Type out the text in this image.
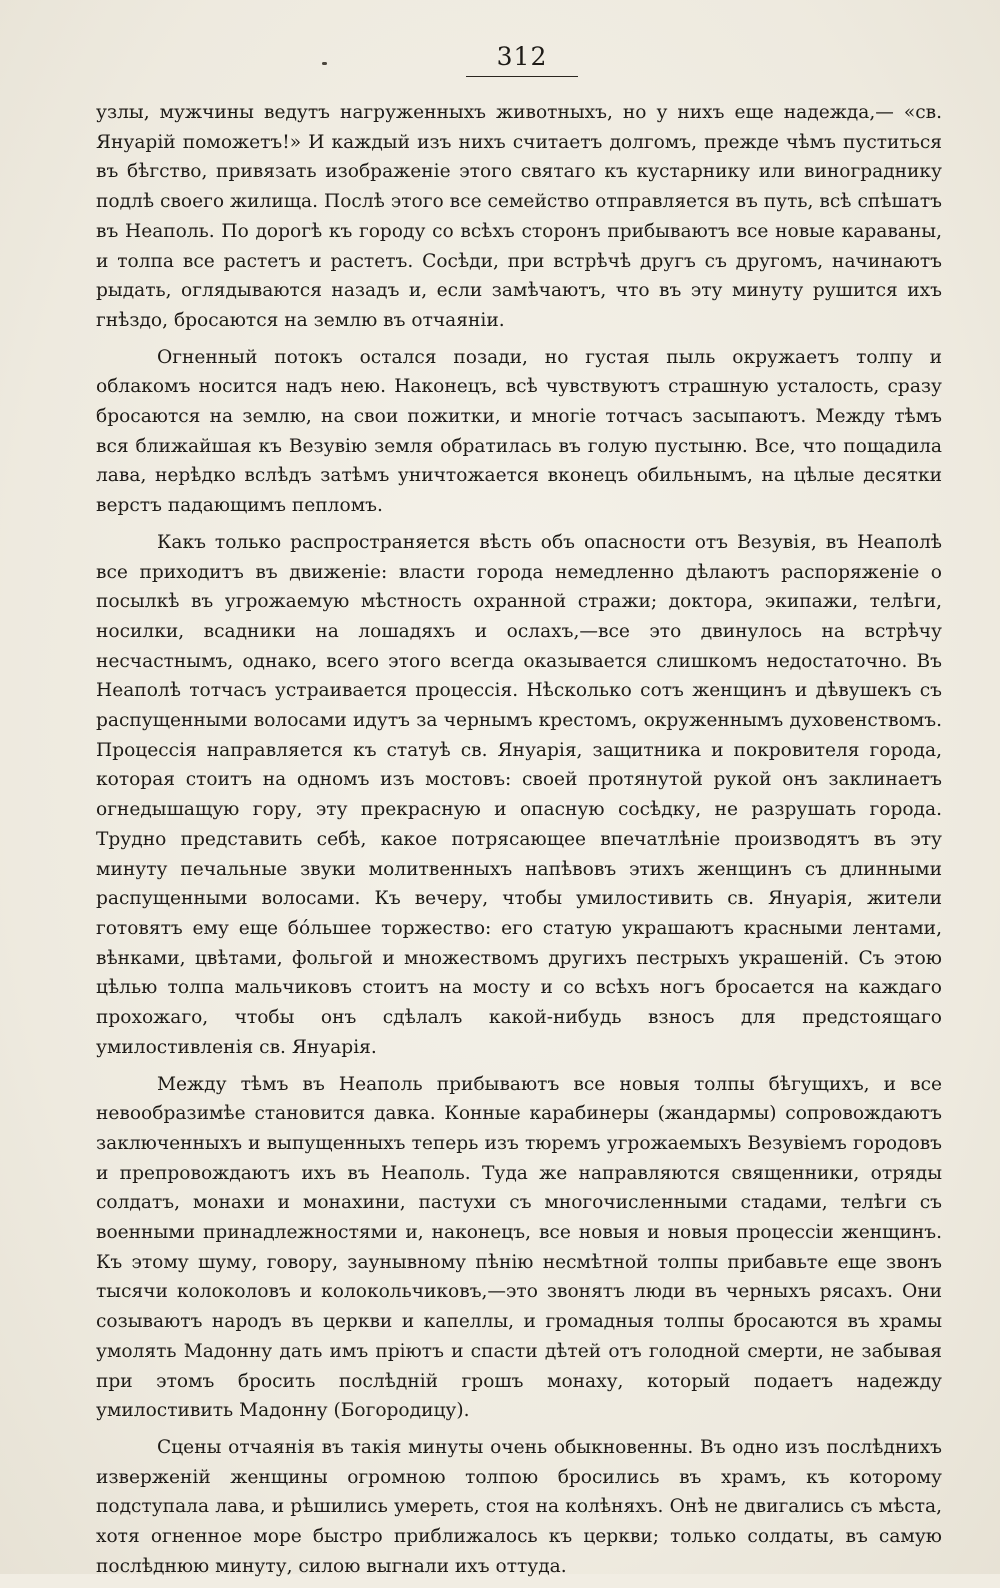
312

узлы, мужчины ведутъ нагруженныхъ животныхъ, но у нихъ еще надежда,— «св. Януарій поможетъ!» И каждый изъ нихъ считаетъ долгомъ, прежде чѣмъ пуститься въ бѣгство, привязать изображеніе этого святаго къ кустарнику или винограднику подлѣ своего жилища. Послѣ этого все семейство отправляется въ путь, всѣ спѣшатъ въ Неаполь. По дорогѣ къ городу со всѣхъ сторонъ прибываютъ все новые караваны, и толпа все растетъ и растетъ. Сосѣди, при встрѣчѣ другъ съ другомъ, начинаютъ рыдать, оглядываются назадъ и, если замѣчаютъ, что въ эту минуту рушится ихъ гнѣздо, бросаются на землю въ отчаяніи.

Огненный потокъ остался позади, но густая пыль окружаетъ толпу и облакомъ носится надъ нею. Наконецъ, всѣ чувствуютъ страшную усталость, сразу бросаются на землю, на свои пожитки, и многіе тотчасъ засыпаютъ. Между тѣмъ вся ближайшая къ Везувію земля обратилась въ голую пустыню. Все, что пощадила лава, нерѣдко вслѣдъ затѣмъ уничтожается вконецъ обильнымъ, на цѣлые десятки верстъ падающимъ пепломъ.

Какъ только распространяется вѣсть объ опасности отъ Везувія, въ Неаполѣ все приходитъ въ движеніе: власти города немедленно дѣлаютъ распоряженіе о посылкѣ въ угрожаемую мѣстность охранной стражи; доктора, экипажи, телѣги, носилки, всадники на лошадяхъ и ослахъ,—все это двинулось на встрѣчу несчастнымъ, однако, всего этого всегда оказывается слишкомъ недостаточно. Въ Неаполѣ тотчасъ устраивается процессія. Нѣсколько сотъ женщинъ и дѣвушекъ съ распущенными волосами идутъ за чернымъ крестомъ, окруженнымъ духовенствомъ. Процессія направляется къ статуѣ св. Януарія, защитника и покровителя города, которая стоитъ на одномъ изъ мостовъ: своей протянутой рукой онъ заклинаетъ огнедышащую гору, эту прекрасную и опасную сосѣдку, не разрушать города. Трудно представить себѣ, какое потрясающее впечатлѣніе производятъ въ эту минуту печальные звуки молитвенныхъ напѣвовъ этихъ женщинъ съ длинными распущенными волосами. Къ вечеру, чтобы умилостивить св. Януарія, жители готовятъ ему еще бо́льшее торжество: его статую украшаютъ красными лентами, вѣнками, цвѣтами, фольгой и множествомъ другихъ пестрыхъ украшеній. Съ этою цѣлью толпа мальчиковъ стоитъ на мосту и со всѣхъ ногъ бросается на каждаго прохожаго, чтобы онъ сдѣлалъ какой-нибудь взносъ для предстоящаго умилостивленія св. Януарія.

Между тѣмъ въ Неаполь прибываютъ все новыя толпы бѣгущихъ, и все невообразимѣе становится давка. Конные карабинеры (жандармы) сопровождаютъ заключенныхъ и выпущенныхъ теперь изъ тюремъ угрожаемыхъ Везувіемъ городовъ и препровождаютъ ихъ въ Неаполь. Туда же направляются священники, отряды солдатъ, монахи и монахини, пастухи съ многочисленными стадами, телѣги съ военными принадлежностями и, наконецъ, все новыя и новыя процессіи женщинъ. Къ этому шуму, говору, заунывному пѣнію несмѣтной толпы прибавьте еще звонъ тысячи колоколовъ и колокольчиковъ,—это звонятъ люди въ черныхъ рясахъ. Они созываютъ народъ въ церкви и капеллы, и громадныя толпы бросаются въ храмы умолять Мадонну дать имъ пріютъ и спасти дѣтей отъ голодной смерти, не забывая при этомъ бросить послѣдній грошъ монаху, который подаетъ надежду умилостивить Мадонну (Богородицу).

Сцены отчаянія въ такія минуты очень обыкновенны. Въ одно изъ послѣднихъ изверженій женщины огромною толпою бросились въ храмъ, къ которому подступала лава, и рѣшились умереть, стоя на колѣняхъ. Онѣ не двигались съ мѣста, хотя огненное море быстро приближалось къ церкви; только солдаты, въ самую послѣднюю минуту, силою выгнали ихъ оттуда.
